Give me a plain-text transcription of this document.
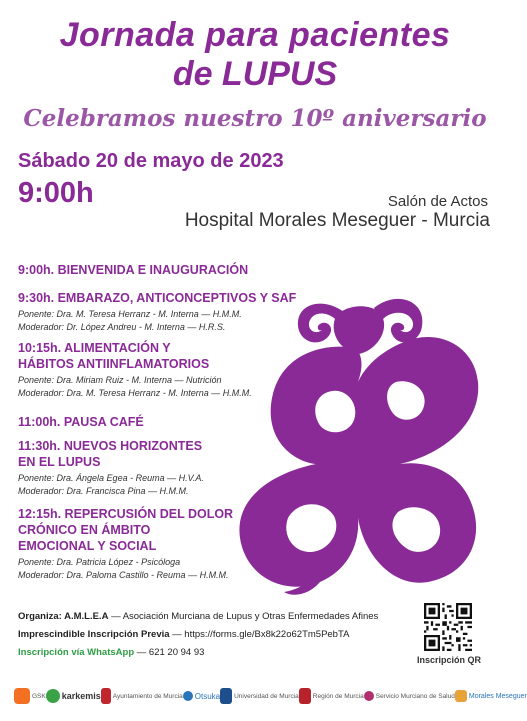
Jornada para pacientes
de LUPUS
Celebramos nuestro 10º aniversario
Sábado 20 de mayo de 2023
9:00h	Salón de Actos
Hospital Morales Meseguer - Murcia
9:00h. BIENVENIDA E INAUGURACIÓN
9:30h. EMBARAZO, ANTICONCEPTIVOS Y SAF
Ponente: Dra. M. Teresa Herranz - M. Interna — H.M.M.
Moderador: Dr. López Andreu - M. Interna — H.R.S.
10:15h. ALIMENTACIÓN Y
HÁBITOS ANTIINFLAMATORIOS
Ponente: Dra. Miriam Ruiz - M. Interna — Nutrición
Moderador: Dra. M. Teresa Herranz - M. Interna — H.M.M.
11:00h. PAUSA CAFÉ
11:30h. NUEVOS HORIZONTES
EN EL LUPUS
Ponente: Dra. Ángela Egea - Reuma — H.V.A.
Moderador: Dra. Francisca Pina — H.M.M.
12:15h. REPERCUSIÓN DEL DOLOR
CRÓNICO EN ÁMBITO
EMOCIONAL Y SOCIAL
Ponente: Dra. Patricia López - Psicóloga
Moderador: Dra. Paloma Castillo - Reuma — H.M.M.
Organiza: A.M.L.E.A — Asociación Murciana de Lupus y Otras Enfermedades Afines
Imprescindible Inscripción Previa — https://forms.gle/Bx8k22o62Tm5PebTA
Inscripción vía WhatsApp — 621 20 94 93
Inscripción QR
GSK karkemis Ayuntamiento de Murcia Otsuka Universidad de Murcia Región de Murcia Servicio Murciano de Salud Morales Meseguer
